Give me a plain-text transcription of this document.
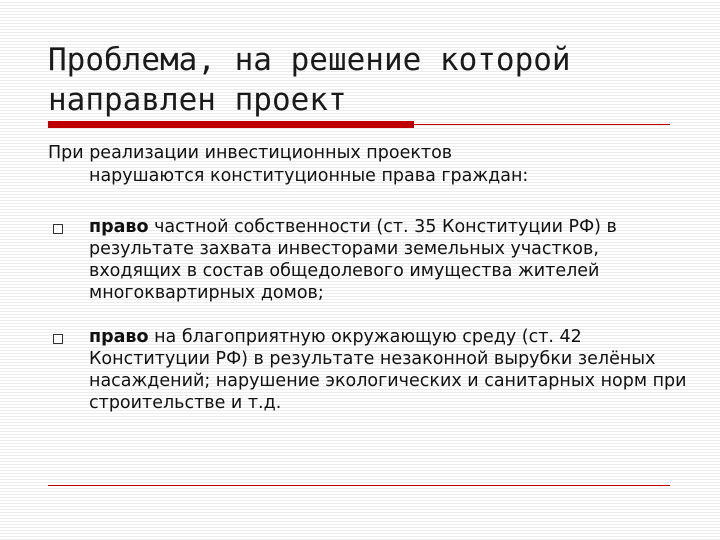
Проблема, на решение которой направлен проект
При реализации инвестиционных проектов
нарушаются конституционные права граждан:
право частной собственности (ст. 35 Конституции РФ) в результате захвата инвесторами земельных участков, входящих в состав общедолевого имущества жителей многоквартирных домов;
право на благоприятную окружающую среду (ст. 42 Конституции РФ) в результате незаконной вырубки зелёных насаждений; нарушение экологических и санитарных норм при строительстве и т.д.
